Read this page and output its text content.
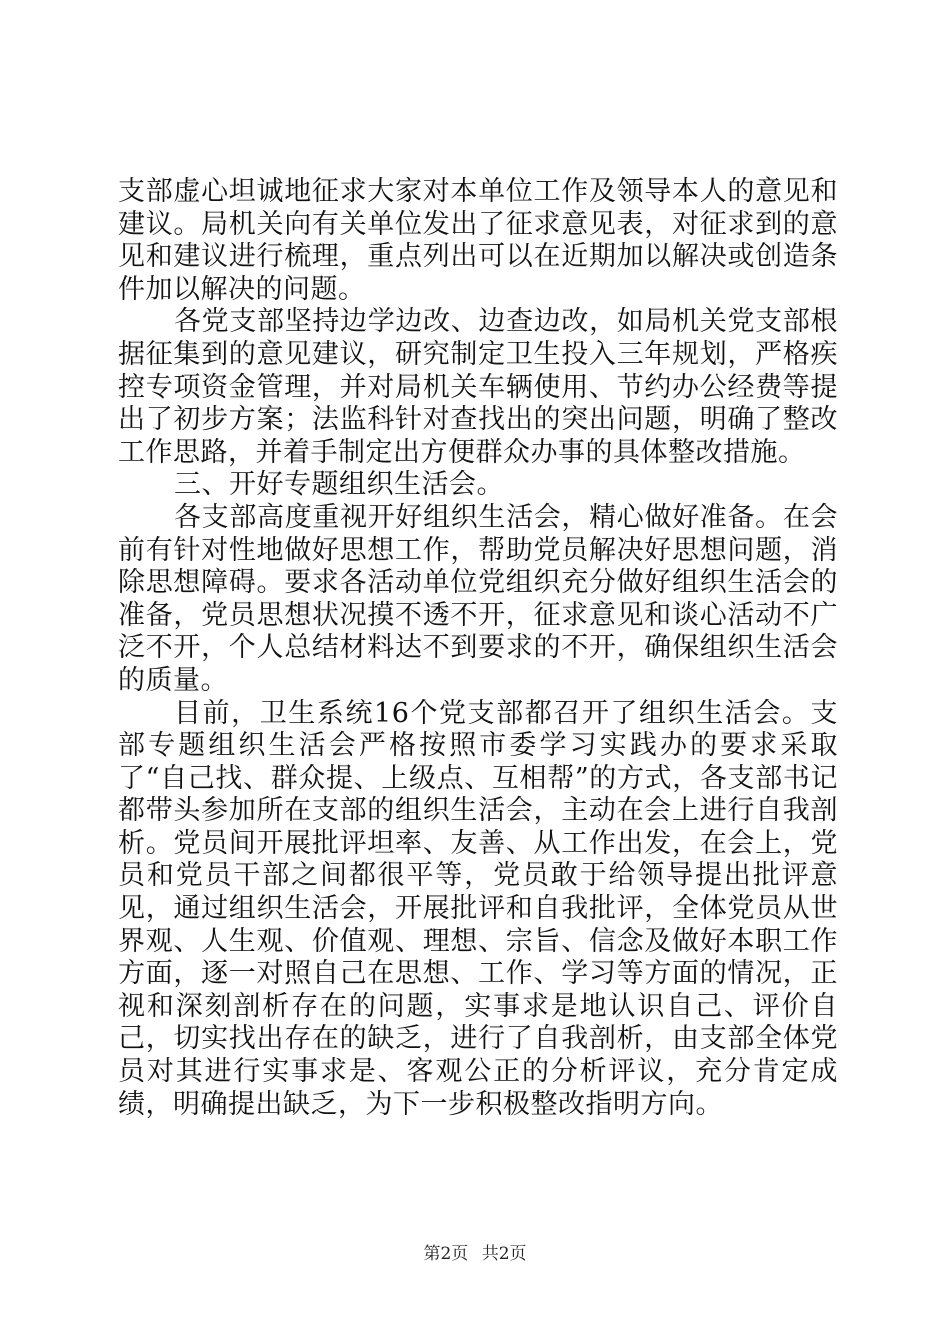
支部虚心坦诚地征求大家对本单位工作及领导本人的意见和建议。局机关向有关单位发出了征求意见表，对征求到的意见和建议进行梳理，重点列出可以在近期加以解决或创造条件加以解决的问题。

各党支部坚持边学边改、边查边改，如局机关党支部根据征集到的意见建议，研究制定卫生投入三年规划，严格疾控专项资金管理，并对局机关车辆使用、节约办公经费等提出了初步方案；法监科针对查找出的突出问题，明确了整改工作思路，并着手制定出方便群众办事的具体整改措施。

三、开好专题组织生活会。

各支部高度重视开好组织生活会，精心做好准备。在会前有针对性地做好思想工作，帮助党员解决好思想问题，消除思想障碍。要求各活动单位党组织充分做好组织生活会的准备，党员思想状况摸不透不开，征求意见和谈心活动不广泛不开，个人总结材料达不到要求的不开，确保组织生活会的质量。

目前，卫生系统16个党支部都召开了组织生活会。支部专题组织生活会严格按照市委学习实践办的要求采取了“自己找、群众提、上级点、互相帮”的方式，各支部书记都带头参加所在支部的组织生活会，主动在会上进行自我剖析。党员间开展批评坦率、友善、从工作出发，在会上，党员和党员干部之间都很平等，党员敢于给领导提出批评意见，通过组织生活会，开展批评和自我批评，全体党员从世界观、人生观、价值观、理想、宗旨、信念及做好本职工作方面，逐一对照自己在思想、工作、学习等方面的情况，正视和深刻剖析存在的问题，实事求是地认识自己、评价自己，切实找出存在的缺乏，进行了自我剖析，由支部全体党员对其进行实事求是、客观公正的分析评议，充分肯定成绩，明确提出缺乏，为下一步积极整改指明方向。

第2页 共2页
